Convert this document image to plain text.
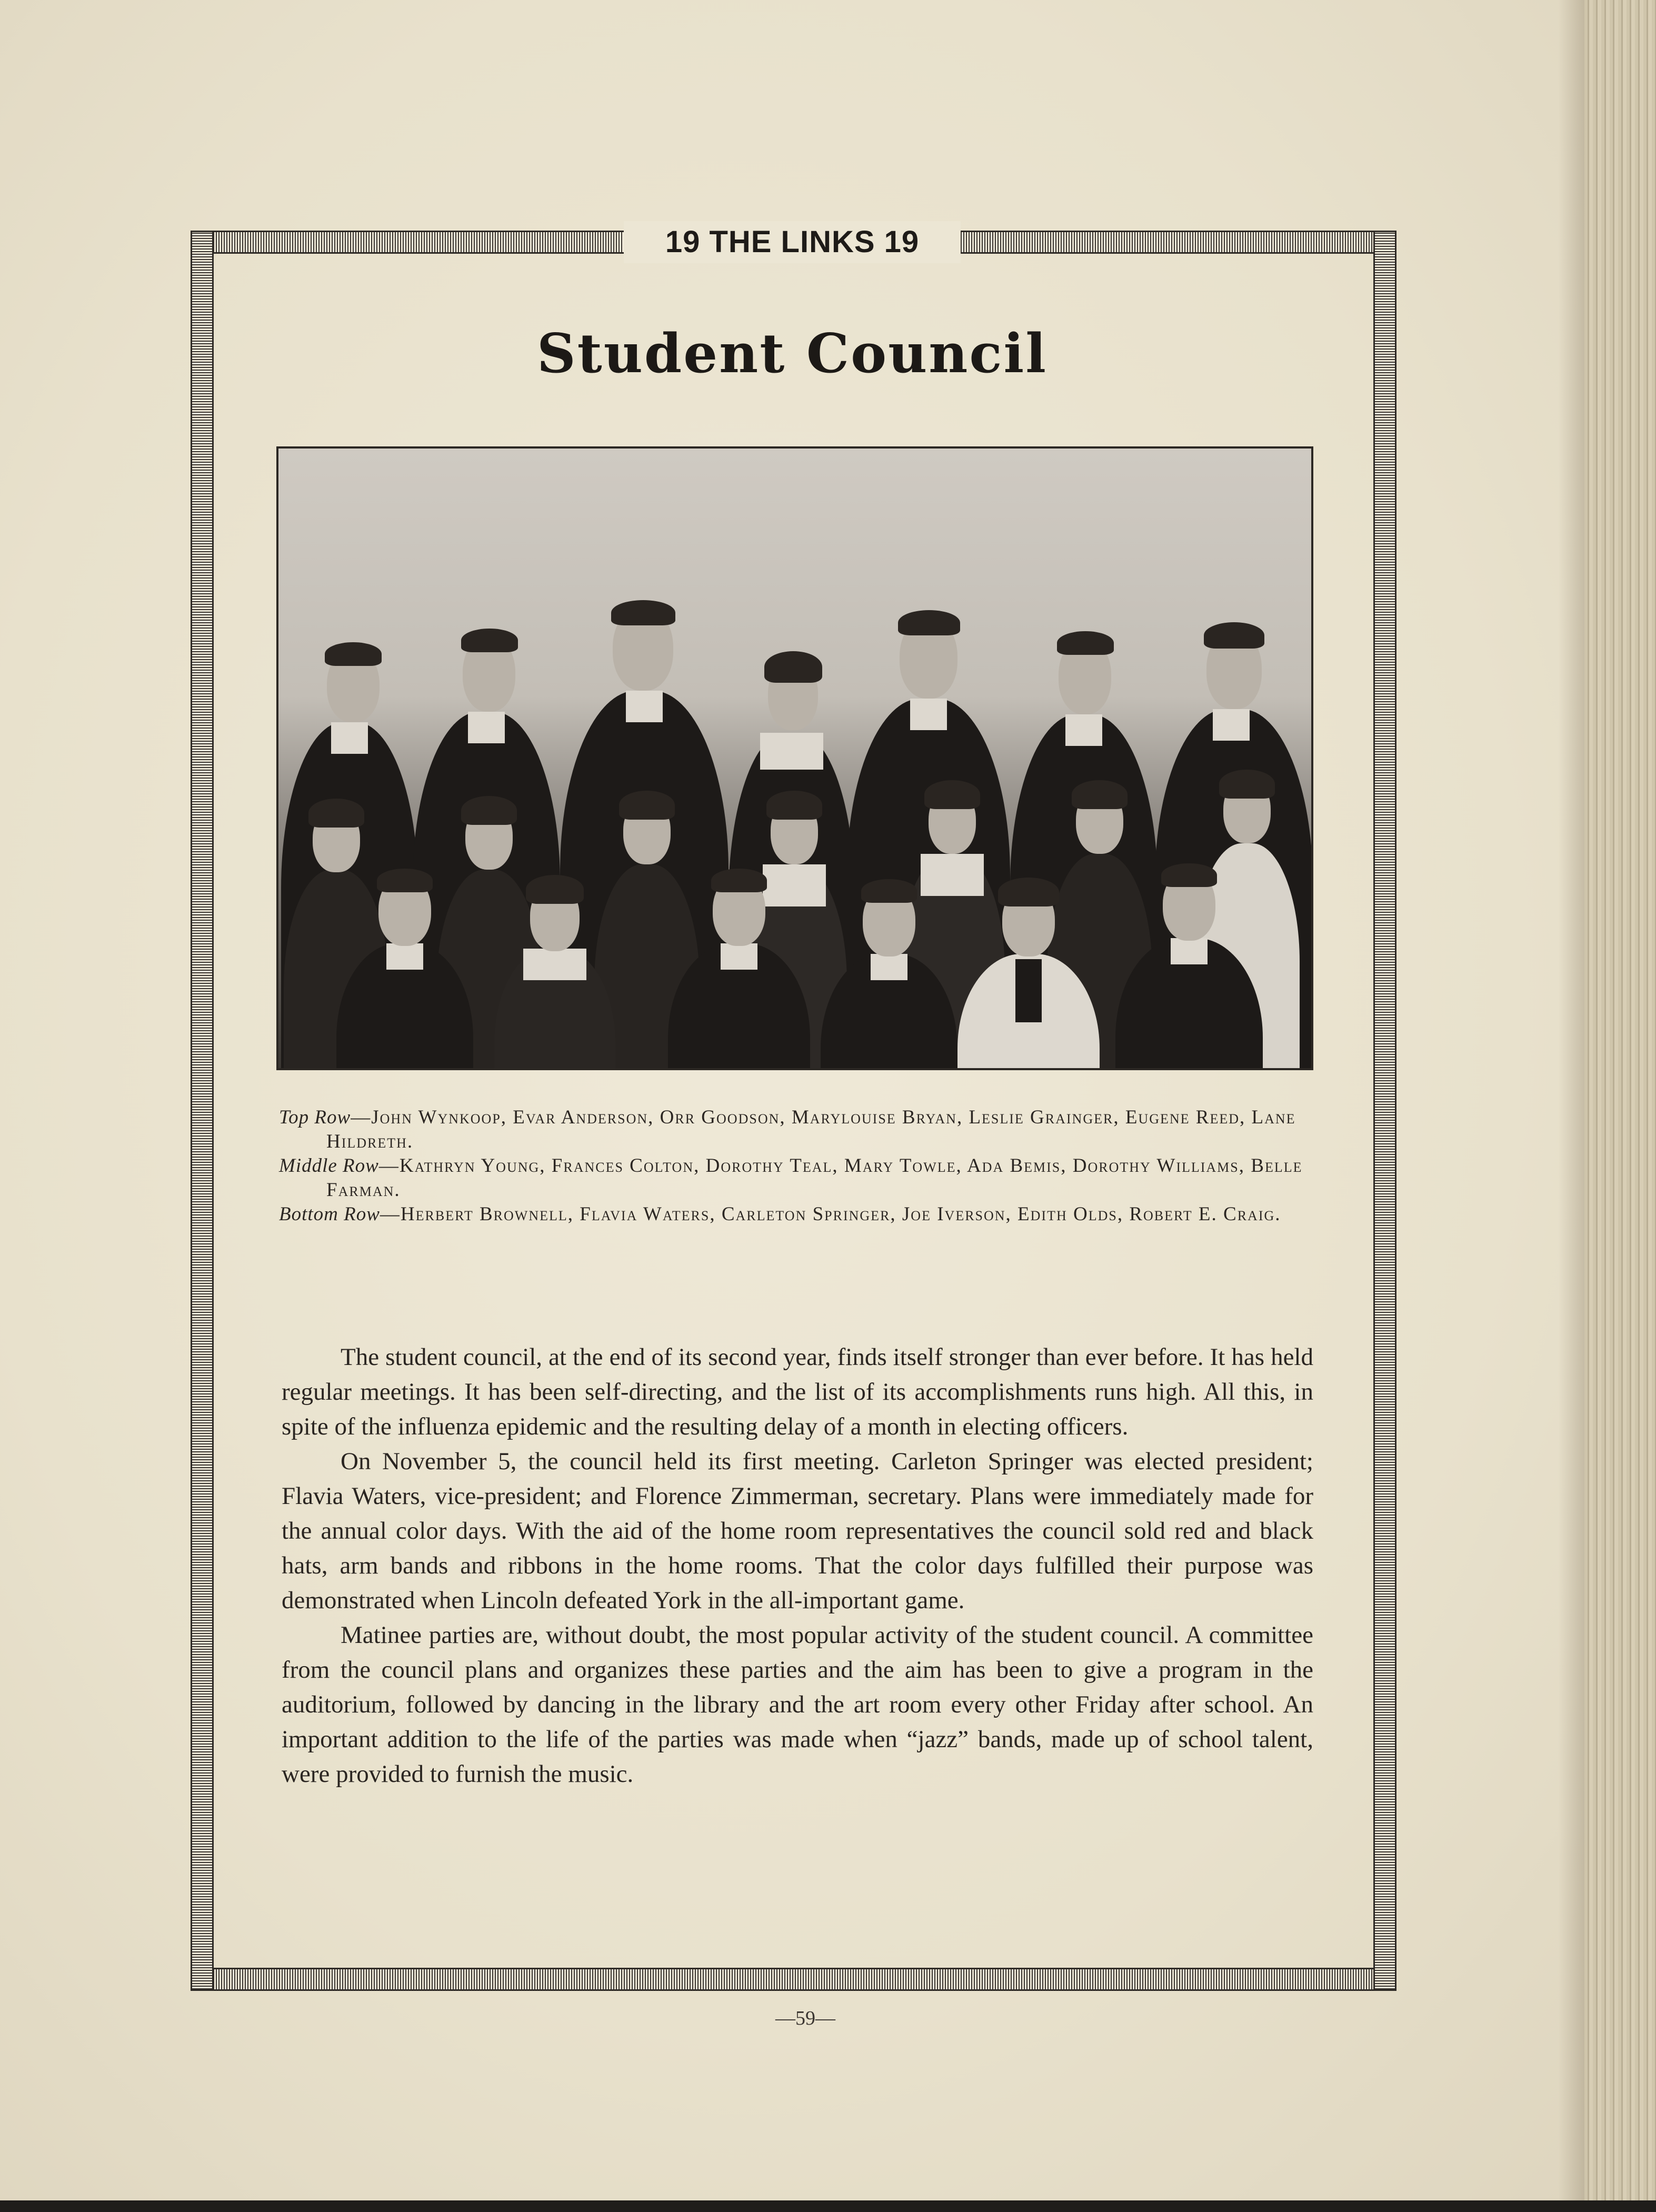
19 THE LINKS 19
Student Council

Top Row—John Wynkoop, Evar Anderson, Orr Goodson, Marylouise Bryan, Leslie Grainger, Eugene Reed, Lane Hildreth.

Middle Row—Kathryn Young, Frances Colton, Dorothy Teal, Mary Towle, Ada Bemis, Dorothy Williams, Belle Farman.

Bottom Row—Herbert Brownell, Flavia Waters, Carleton Springer, Joe Iverson, Edith Olds, Robert E. Craig.

The student council, at the end of its second year, finds itself stronger than ever before. It has held regular meetings. It has been self-directing, and the list of its accomplishments runs high. All this, in spite of the influenza epidemic and the resulting delay of a month in electing officers.

On November 5, the council held its first meeting. Carleton Springer was elected president; Flavia Waters, vice-president; and Florence Zimmerman, secretary. Plans were immediately made for the annual color days. With the aid of the home room representatives the council sold red and black hats, arm bands and ribbons in the home rooms. That the color days fulfilled their purpose was demonstrated when Lincoln defeated York in the all-important game.

Matinee parties are, without doubt, the most popular activity of the student council. A committee from the council plans and organizes these parties and the aim has been to give a program in the auditorium, followed by dancing in the library and the art room every other Friday after school. An important addition to the life of the parties was made when “jazz” bands, made up of school talent, were provided to furnish the music.

—59—
